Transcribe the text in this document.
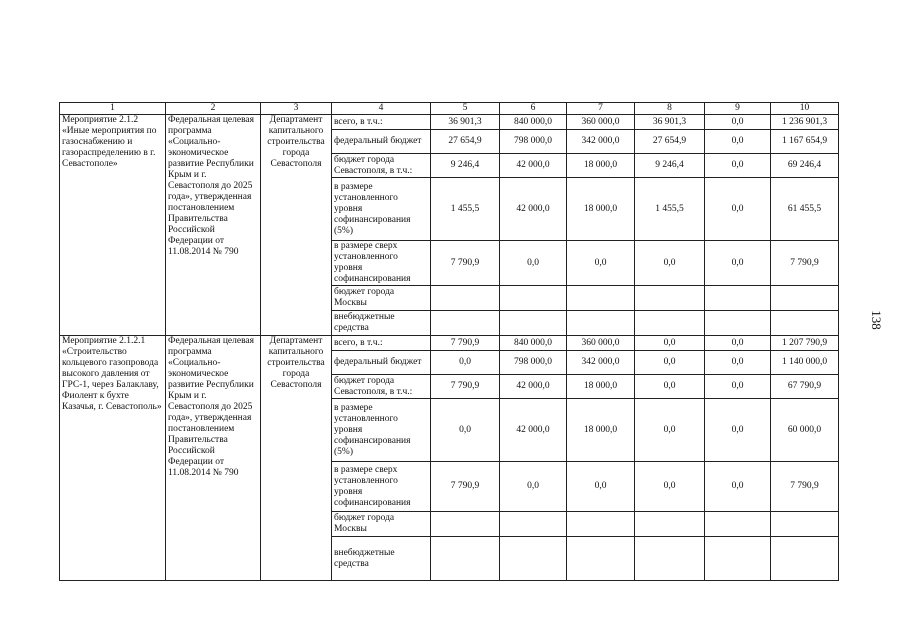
138
1	2	3	4	5	6	7	8	9	10
Мероприятие 2.1.2 «Иные мероприятия по газоснабжению и газораспределению в г. Севастополе»	Федеральная целевая программа «Социально-экономическое развитие Республики Крым и г. Севастополя до 2025 года», утвержденная постановлением Правительства Российской Федерации от 11.08.2014 № 790	Департамент капитального строительства города Севастополя	всего, в т.ч.:	36 901,3	840 000,0	360 000,0	36 901,3	0,0	1 236 901,3
			федеральный бюджет	27 654,9	798 000,0	342 000,0	27 654,9	0,0	1 167 654,9
			бюджет города Севастополя, в т.ч.:	9 246,4	42 000,0	18 000,0	9 246,4	0,0	69 246,4
			в размере установленного уровня софинансирования (5%)	1 455,5	42 000,0	18 000,0	1 455,5	0,0	61 455,5
			в размере сверх установленного уровня софинансирования	7 790,9	0,0	0,0	0,0	0,0	7 790,9
			бюджет города Москвы						
			внебюджетные средства						
Мероприятие 2.1.2.1 «Строительство кольцевого газопровода высокого давления от ГРС-1, через Балаклаву, Фиолент к бухте Казачья, г. Севастополь»	Федеральная целевая программа «Социально-экономическое развитие Республики Крым и г. Севастополя до 2025 года», утвержденная постановлением Правительства Российской Федерации от 11.08.2014 № 790	Департамент капитального строительства города Севастополя	всего, в т.ч.:	7 790,9	840 000,0	360 000,0	0,0	0,0	1 207 790,9
			федеральный бюджет	0,0	798 000,0	342 000,0	0,0	0,0	1 140 000,0
			бюджет города Севастополя, в т.ч.:	7 790,9	42 000,0	18 000,0	0,0	0,0	67 790,9
			в размере установленного уровня софинансирования (5%)	0,0	42 000,0	18 000,0	0,0	0,0	60 000,0
			в размере сверх установленного уровня софинансирования	7 790,9	0,0	0,0	0,0	0,0	7 790,9
			бюджет города Москвы						
			внебюджетные средства						
